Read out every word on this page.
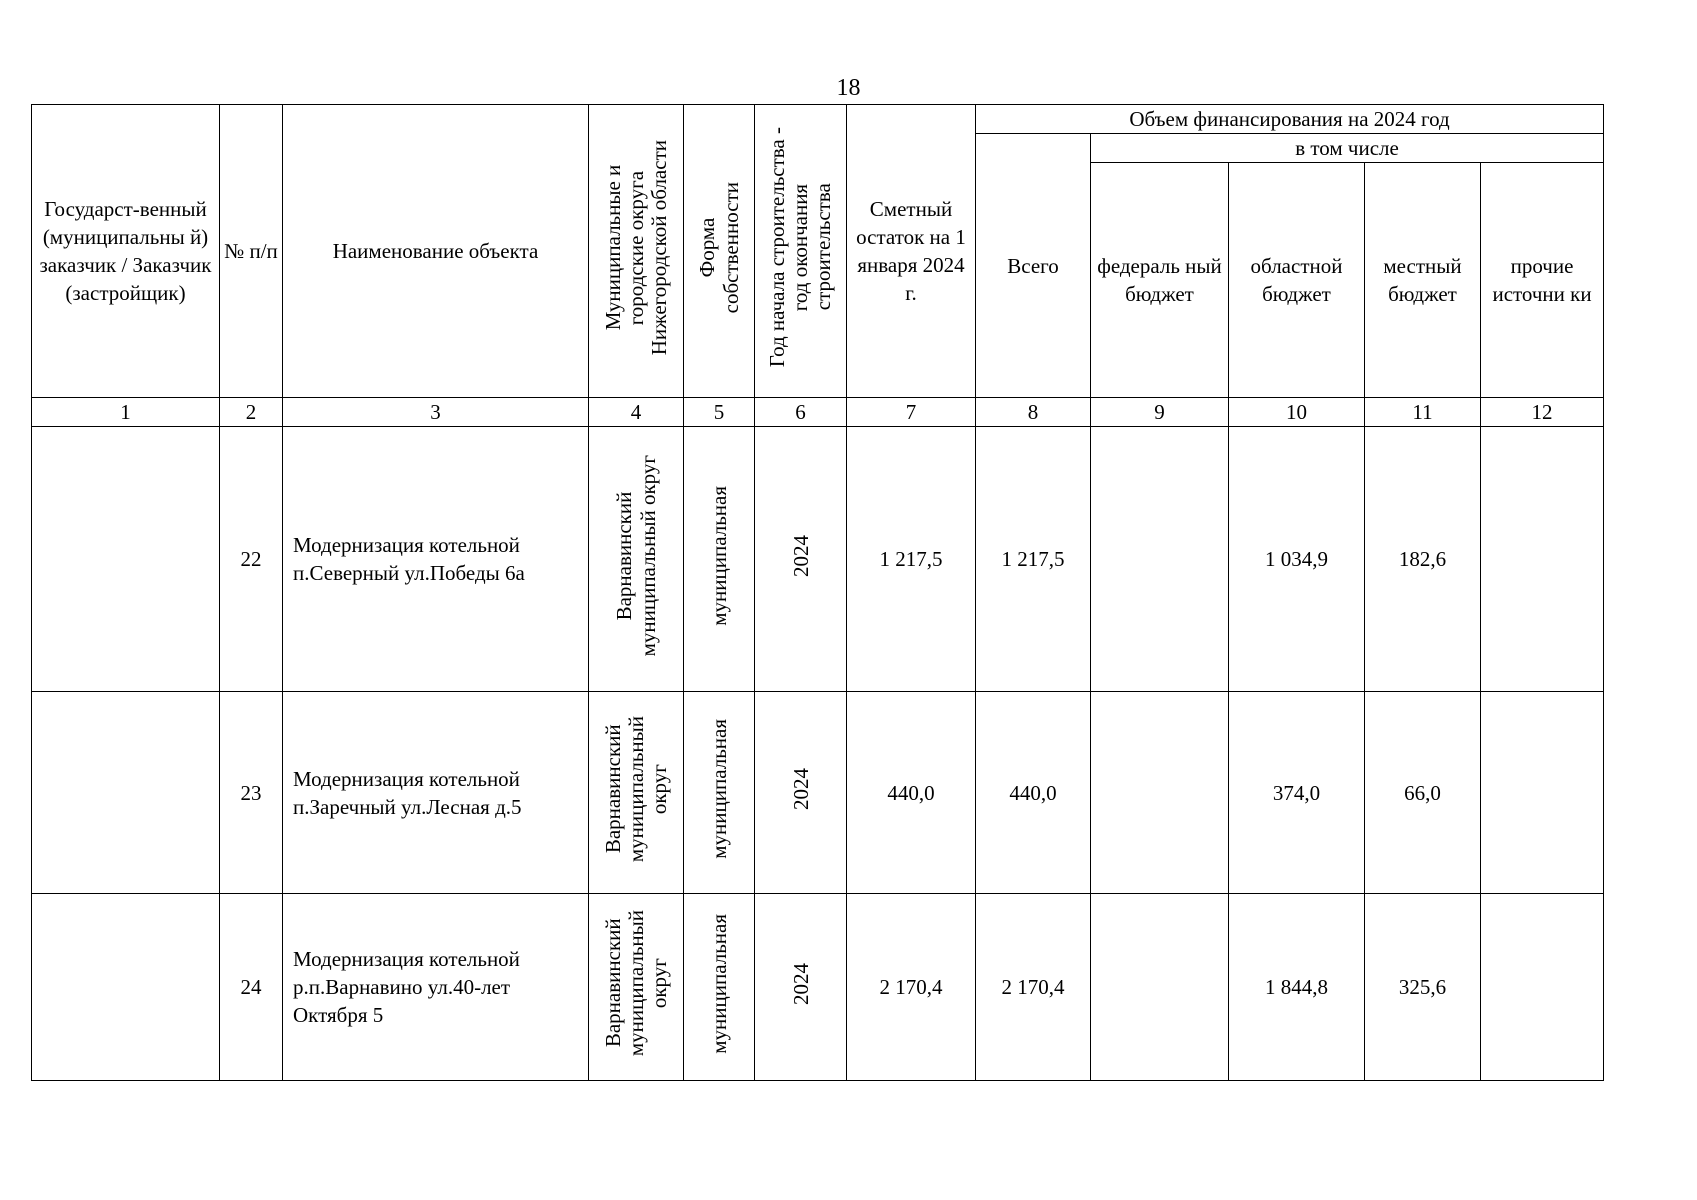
18
Государст-венный (муниципальны й) заказчик / Заказчик (застройщик)	№ п/п	Наименование объекта	Муниципальные и
городские округа
Нижегородской области	Форма
собственности	Год начала строительства -
год окончания
строительства	Сметный остаток на 1 января 2024 г.	Объем финансирования на 2024 год				
							Всего	в том числе			
								федераль ный бюджет	областной бюджет	местный бюджет	прочие источни ки
1	2	3	4	5	6	7	8	9	10	11	12
	22	Модернизация котельной п.Северный ул.Победы 6а	Варнавинский
муниципальный округ	муниципальная	2024	1 217,5	1 217,5		1 034,9	182,6	
	23	Модернизация котельной п.Заречный ул.Лесная д.5	Варнавинский
муниципальный
округ	муниципальная	2024	440,0	440,0		374,0	66,0	
	24	Модернизация котельной р.п.Варнавино ул.40-лет Октября 5	Варнавинский
муниципальный
округ	муниципальная	2024	2 170,4	2 170,4		1 844,8	325,6	
